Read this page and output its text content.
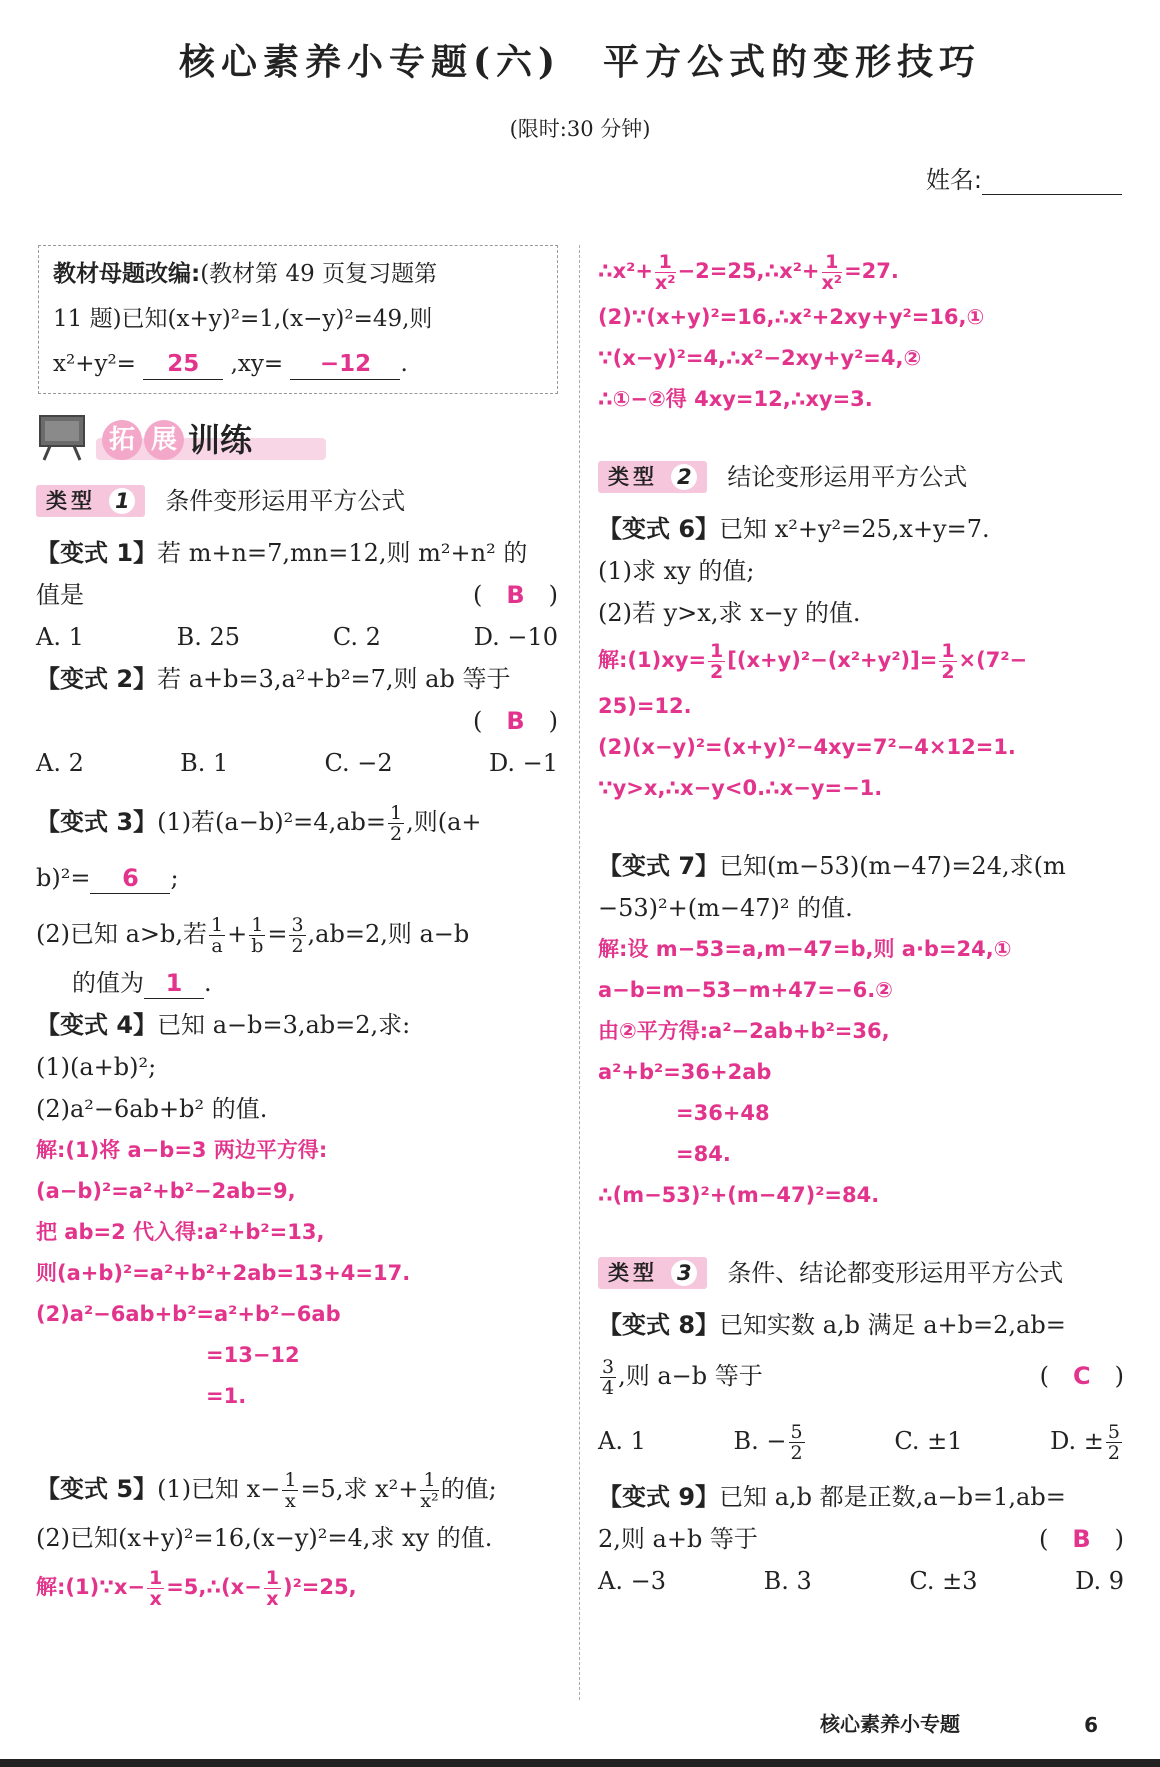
核心素养小专题(六)　平方公式的变形技巧
(限时:30 分钟)
姓名:
教材母题改编:(教材第 49 页复习题第
11 题)已知(x+y)²=1,(x−y)²=49,则
x²+y²= 25 ,xy= −12 .
拓 展 训练
类型 1	条件变形运用平方公式
【变式 1】若 m+n=7,mn=12,则 m²+n² 的
值是	(　B　)
A. 1	B. 25	C. 2	D. −10
【变式 2】若 a+b=3,a²+b²=7,则 ab 等于
(　B　)
A. 2	B. 1	C. −2	D. −1
【变式 3】(1)若$(a-b)^2=4,ab= \frac{1}{2}$ ,则(a+
b)²= 6 ;
(2)已知 a>b,若 $\frac{1}{a} + \frac{1}{b} = \frac{3}{2} ,ab=2$,则 a−b
的值为 1 .
【变式 4】已知 a−b=3,ab=2,求:
(1)(a+b)²;
(2)a²−6ab+b² 的值.
解:(1)将 a−b=3 两边平方得:
(a−b)²=a²+b²−2ab=9,
把 ab=2 代入得:a²+b²=13,
则(a+b)²=a²+b²+2ab=13+4=17.
(2)a²−6ab+b²=a²+b²−6ab
=13−12
=1.
【变式 5】(1)已知 $x- \frac{1}{x} =5$,求 $x^2+ \frac{1}{\text{x²}}$ 的值;
(2)已知(x+y)²=16,(x−y)²=4,求 xy 的值.
解:(1)∵x− $\frac{1}{x}$ =5,∴(x− $\frac{1}{x} )^2=25$,
∴x²+ $\frac{1}{\text{x²}}$ −2=25,∴x²+ $\frac{1}{\text{x²}} =27$.
(2)∵(x+y)²=16,∴x²+2xy+y²=16,①
∵(x−y)²=4,∴x²−2xy+y²=4,②
∴①−②得 4xy=12,∴xy=3.
类型 2	结论变形运用平方公式
【变式 6】已知 x²+y²=25,x+y=7.
(1)求 xy 的值;
(2)若 y>x,求 x−y 的值.
解:(1)xy= $\frac{1}{2} [(x+y)^2-(x^2+y^2)]= \frac{1}{2} \times(7^2-$
25)=12.
(2)(x−y)²=(x+y)²−4xy=7²−4×12=1.
∵y>x,∴x−y<0.∴x−y=−1.
【变式 7】已知(m−53)(m−47)=24,求(m
−53)²+(m−47)² 的值.
解:设 m−53=a,m−47=b,则 a·b=24,①
a−b=m−53−m+47=−6.②
由②平方得:a²−2ab+b²=36,
a²+b²=36+2ab
=36+48
=84.
∴(m−53)²+(m−47)²=84.
类型 3	条件、结论都变形运用平方公式
【变式 8】已知实数 a,b 满足 a+b=2,ab=
$\frac{3}{4}$ ,则 a−b 等于	(　C　)
A. 1	B. − $\frac{5}{2}$	C. ±1	D. ± $\frac{5}{2}$
【变式 9】已知 a,b 都是正数,a−b=1,ab=
2,则 a+b 等于	(　B　)
A. −3	B. 3	C. ±3	D. 9
核心素养小专题	6
